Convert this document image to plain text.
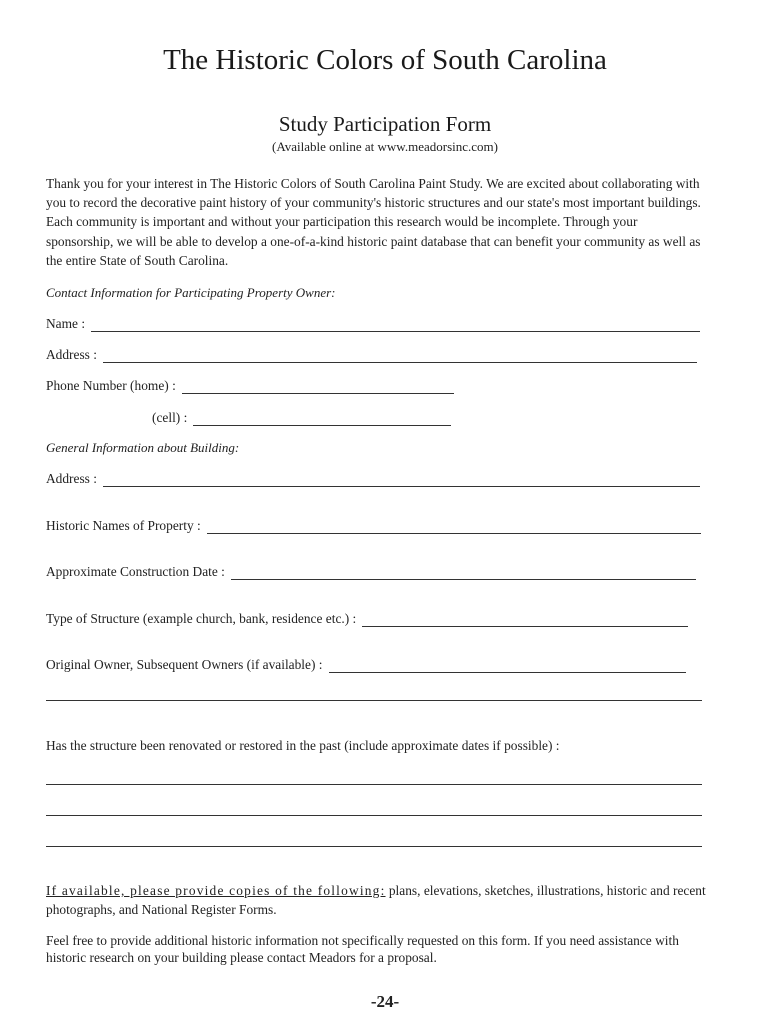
The Historic Colors of South Carolina
Study Participation Form
(Available online at www.meadorsinc.com)

Thank you for your interest in The Historic Colors of South Carolina Paint Study. We are excited about collaborating with you to record the decorative paint history of your community's historic structures and our state's most important buildings. Each community is important and without your participation this research would be incomplete. Through your sponsorship, we will be able to develop a one-of-a-kind historic paint database that can benefit your community as well as the entire State of South Carolina.

Contact Information for Participating Property Owner:
Name :
Address :
Phone Number (home) :
(cell) :
General Information about Building:
Address :
Historic Names of Property :
Approximate Construction Date :
Type of Structure (example church, bank, residence etc.) :
Original Owner, Subsequent Owners (if available) :
Has the structure been renovated or restored in the past (include approximate dates if possible) :

If available, please provide copies of the following: plans, elevations, sketches, illustrations, historic and recent photographs, and National Register Forms.

Feel free to provide additional historic information not specifically requested on this form. If you need assistance with historic research on your building please contact Meadors for a proposal.

-24-
